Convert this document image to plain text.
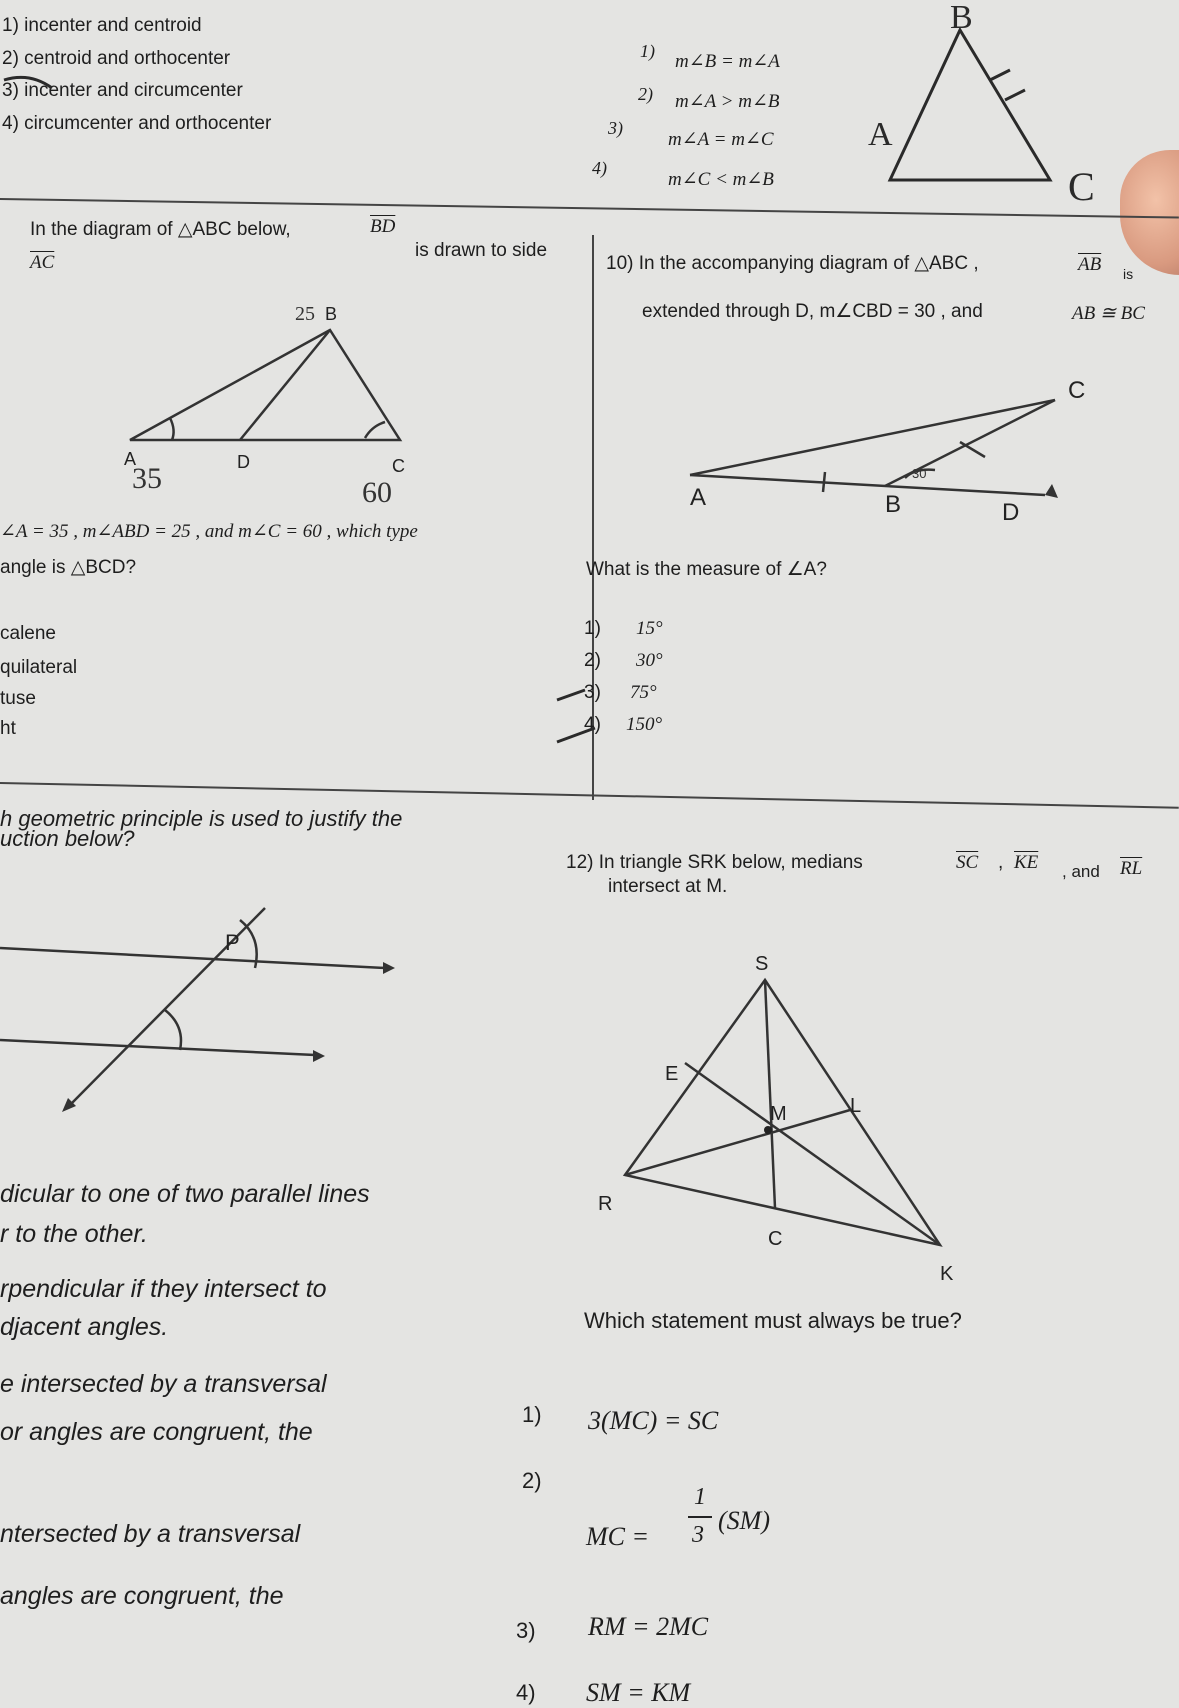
1) incenter and centroid
2) centroid and orthocenter
3) incenter and circumcenter
4) circumcenter and orthocenter
1) m∠B = m∠A
2) m∠A > m∠B
3)
m∠A = m∠C
4)
m∠C < m∠B
B
A
C
In the diagram of △ABC below,	$\overline{BD}$
is drawn to side
$\overline{AC}$
B
A	D	C
25
35	60
∠A = 35 , m∠ABD = 25 , and m∠C = 60 , which type
angle is △BCD?
calene
quilateral
tuse
ht
10) In the accompanying diagram of △ABC ,	$\overline{AB}$ is
extended through D, m∠CBD = 30 , and	AB ≅ BC
C
A	B	D
30
What is the measure of ∠A?
1) 15°
2) 30°
3) 75°
4) 150°
h geometric principle is used to justify the
uction below?
P
dicular to one of two parallel lines
r to the other.
rpendicular if they intersect to
djacent angles.
e intersected by a transversal
or angles are congruent, the
ntersected by a transversal
angles are congruent, the
12) In triangle SRK below, medians	$\overline{SC}$ , $\overline{KE}$ , and $\overline{RL}$
intersect at M.
S
E
M	L
R
C
K
Which statement must always be true?
1) 3(MC) = SC
2)
MC =
1
3 (SM)
3) RM = 2MC
4) SM = KM
